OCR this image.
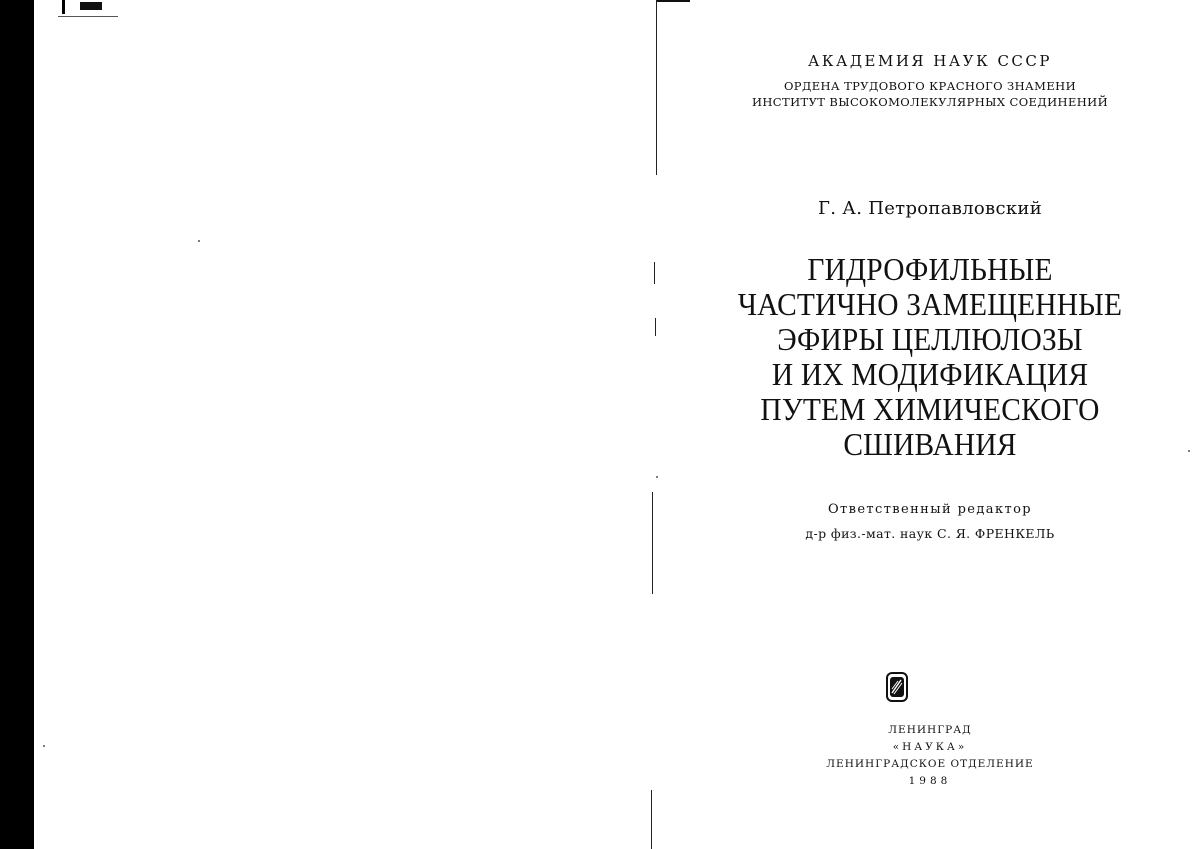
АКАДЕМИЯ НАУК СССР
ОРДЕНА ТРУДОВОГО КРАСНОГО ЗНАМЕНИ
ИНСТИТУТ ВЫСОКОМОЛЕКУЛЯРНЫХ СОЕДИНЕНИЙ
Г. А. Петропавловский
ГИДРОФИЛЬНЫЕ
ЧАСТИЧНО ЗАМЕЩЕННЫЕ
ЭФИРЫ ЦЕЛЛЮЛОЗЫ
И ИХ МОДИФИКАЦИЯ
ПУТЕМ ХИМИЧЕСКОГО
СШИВАНИЯ
Ответственный редактор
д-р физ.-мат. наук С. Я. ФРЕНКЕЛЬ
ЛЕНИНГРАД
«НАУКА»
ЛЕНИНГРАДСКОЕ ОТДЕЛЕНИЕ
1988
